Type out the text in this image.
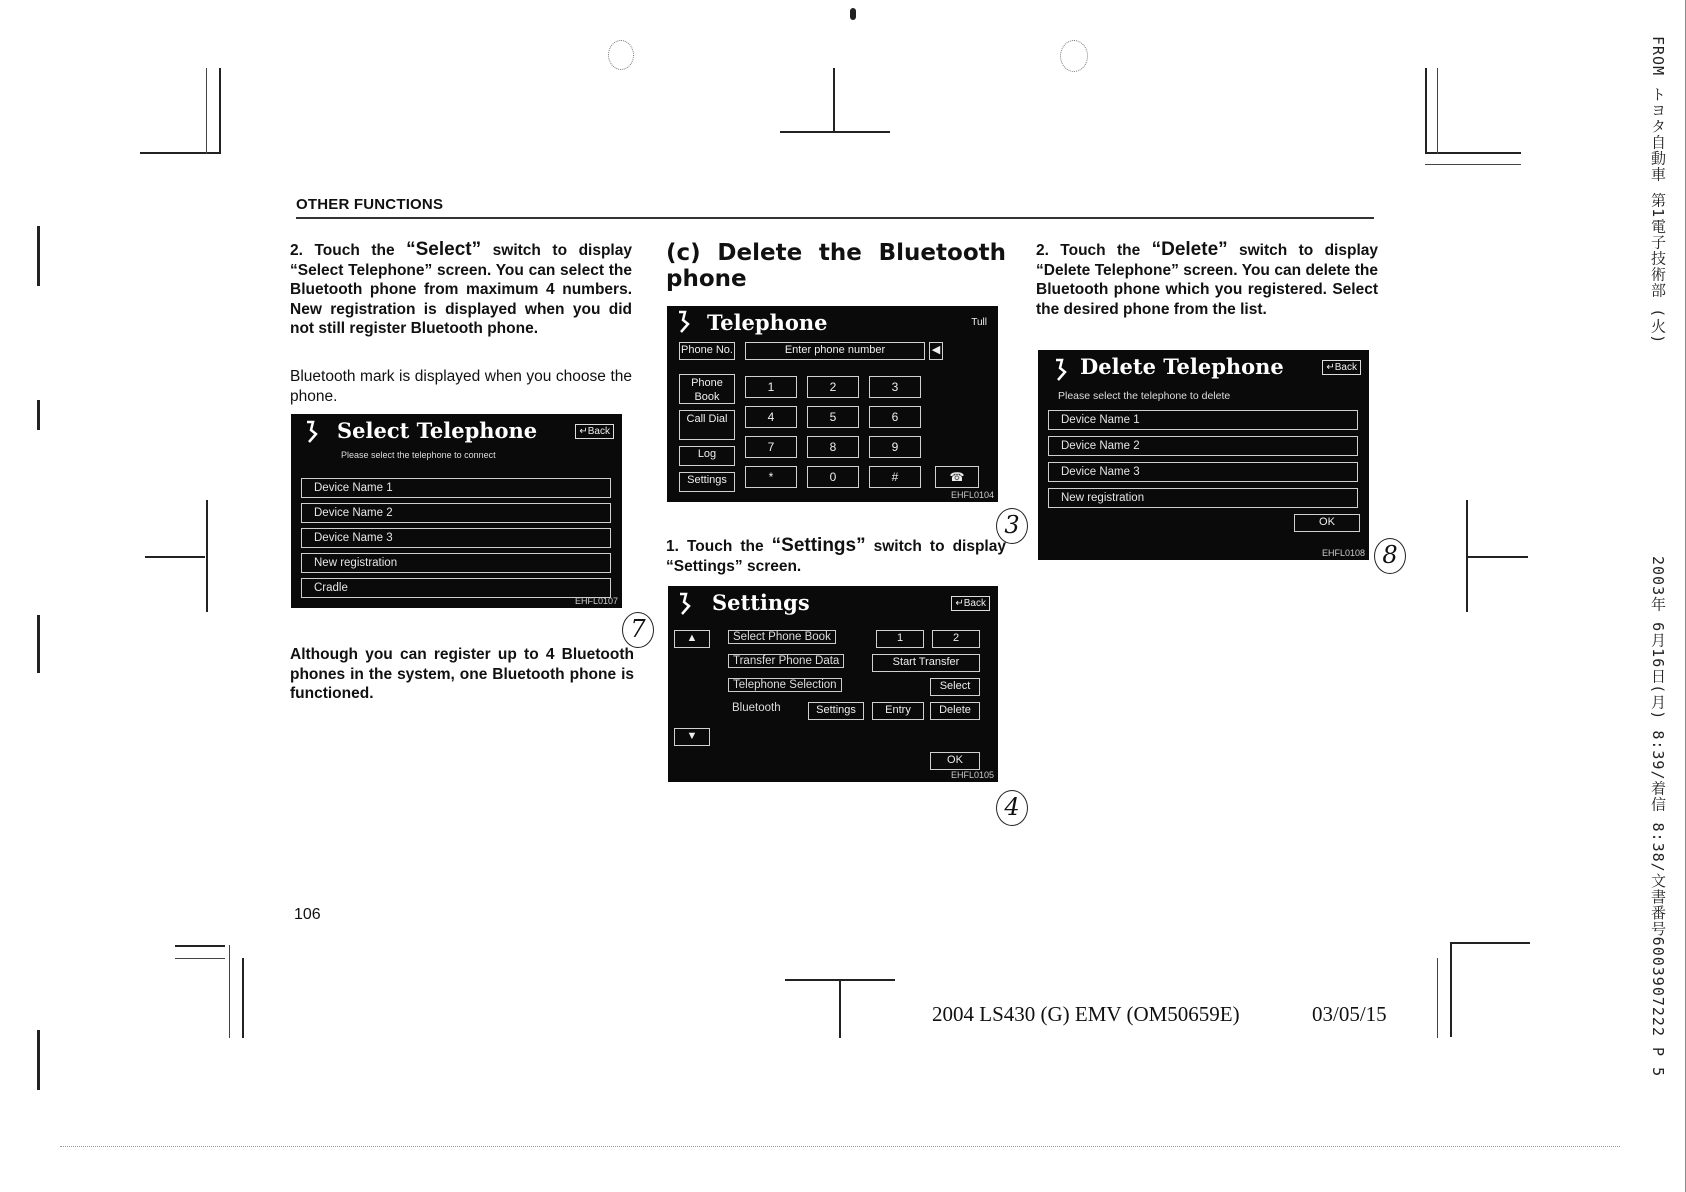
OTHER FUNCTIONS
2. Touch the “Select” switch to display “Select Telephone” screen. You can select the Bluetooth phone from maximum 4 numbers. New registration is displayed when you did not still register Bluetooth phone.
Bluetooth mark is displayed when you choose the phone.
Select Telephone	↵Back
Please select the telephone to connect
Device Name 1
Device Name 2
Device Name 3
New registration
Cradle
EHFL0107
7
Although you can register up to 4 Bluetooth phones in the system, one Bluetooth phone is functioned.
(c) Delete the Bluetooth phone
Telephone	Tull
Phone No.
Phone Book
Call Dial
Log
Settings
Enter phone number	◀
1	2	3
4	5	6
7	8	9
*	0	#	☎
EHFL0104
3
1. Touch the “Settings” switch to display “Settings” screen.
Settings	↵Back
▲
▼
Select Phone Book	1	2
Transfer Phone Data	Start Transfer
Telephone Selection	Select
Bluetooth	Settings	Entry	Delete
OK
EHFL0105
4
2. Touch the “Delete” switch to display “Delete Telephone” screen. You can delete the Bluetooth phone which you registered. Select the desired phone from the list.
Delete Telephone	↵Back
Please select the telephone to delete
Device Name 1
Device Name 2
Device Name 3
New registration
OK
EHFL0108 8
106
2004 LS430 (G) EMV (OM50659E)	03/05/15
FROM トヨタ自動車 第1電子技術部 (火)
2003年 6月16日(月) 8:39/着信 8:38/文書番号6003907222 P 5
